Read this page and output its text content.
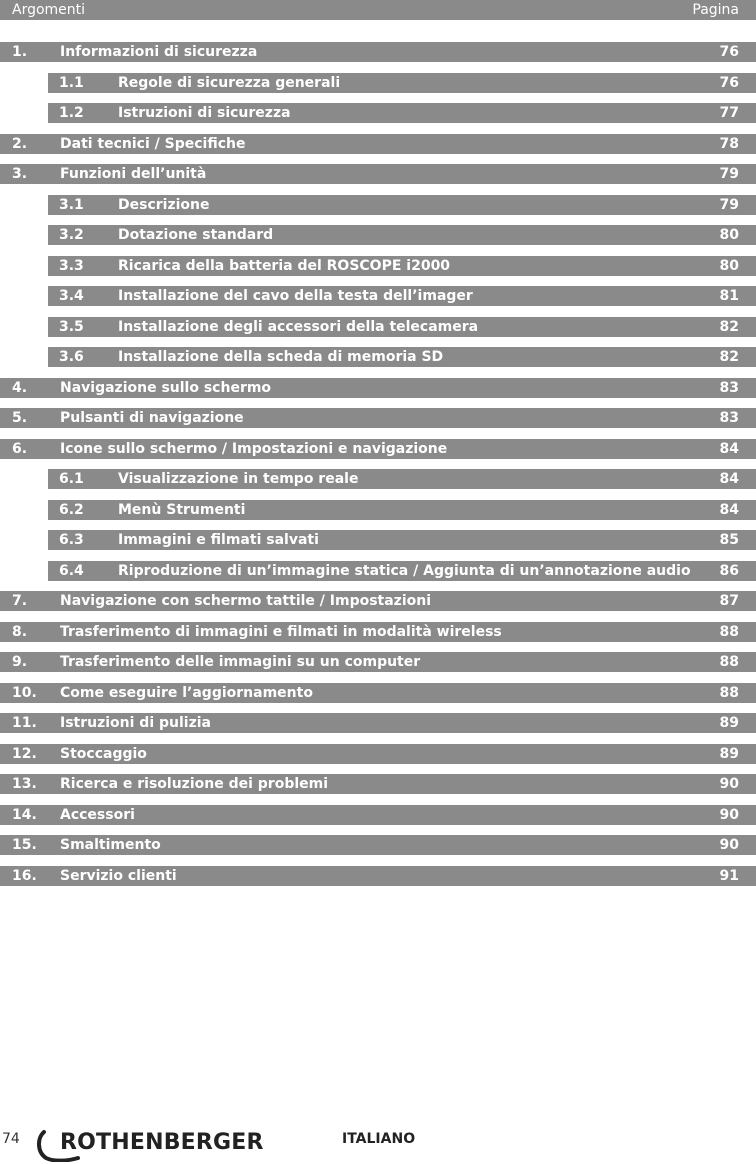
Argomenti	Pagina
1. Informazioni di sicurezza	76
1.1 Regole di sicurezza generali	76
1.2 Istruzioni di sicurezza	77
2. Dati tecnici / Specifiche	78
3. Funzioni dell’unità	79
3.1 Descrizione	79
3.2 Dotazione standard	80
3.3 Ricarica della batteria del ROSCOPE i2000	80
3.4 Installazione del cavo della testa dell’imager	81
3.5 Installazione degli accessori della telecamera	82
3.6 Installazione della scheda di memoria SD	82
4. Navigazione sullo schermo	83
5. Pulsanti di navigazione	83
6. Icone sullo schermo / Impostazioni e navigazione	84
6.1 Visualizzazione in tempo reale	84
6.2 Menù Strumenti	84
6.3 Immagini e filmati salvati	85
6.4 Riproduzione di un’immagine statica / Aggiunta di un’annotazione audio 86
7. Navigazione con schermo tattile / Impostazioni	87
8. Trasferimento di immagini e filmati in modalità wireless	88
9. Trasferimento delle immagini su un computer	88
10. Come eseguire l’aggiornamento	88
11. Istruzioni di pulizia	89
12. Stoccaggio	89
13. Ricerca e risoluzione dei problemi	90
14. Accessori	90
15. Smaltimento	90
16. Servizio clienti	91
74 ROTHENBERGER	ITALIANO
